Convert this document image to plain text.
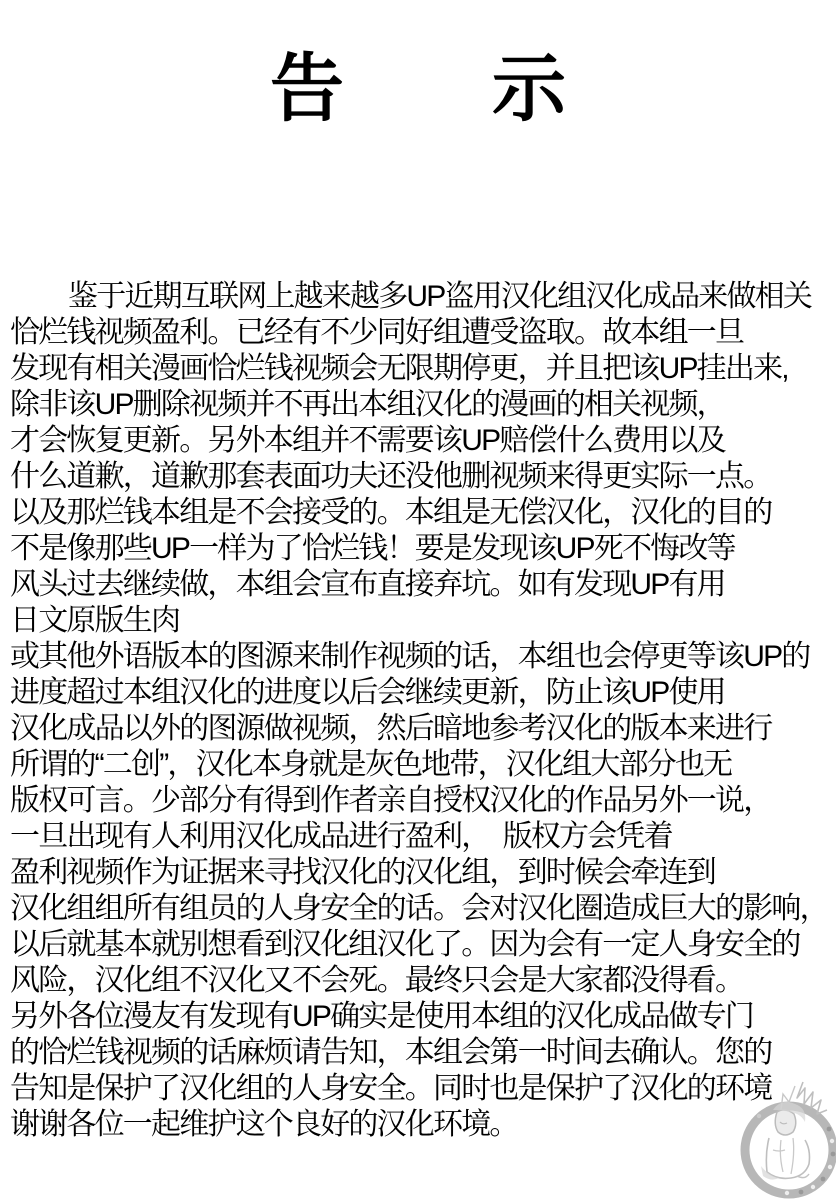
告示
鉴于近期互联网上越来越多UP盗用汉化组汉化成品来做相关
恰烂钱视频盈利。已经有不少同好组遭受盗取。故本组一旦
发现有相关漫画恰烂钱视频会无限期停更，并且把该UP挂出来,
除非该UP删除视频并不再出本组汉化的漫画的相关视频，
才会恢复更新。另外本组并不需要该UP赔偿什么费用以及
什么道歉，道歉那套表面功夫还没他删视频来得更实际一点。
以及那烂钱本组是不会接受的。本组是无偿汉化，汉化的目的
不是像那些UP一样为了恰烂钱！要是发现该UP死不悔改等
风头过去继续做，本组会宣布直接弃坑。如有发现UP有用
日文原版生肉
或其他外语版本的图源来制作视频的话，本组也会停更等该UP的
进度超过本组汉化的进度以后会继续更新，防止该UP使用
汉化成品以外的图源做视频，然后暗地参考汉化的版本来进行
所谓的“二创”，汉化本身就是灰色地带，汉化组大部分也无
版权可言。少部分有得到作者亲自授权汉化的作品另外一说，
一旦出现有人利用汉化成品进行盈利，　版权方会凭着
盈利视频作为证据来寻找汉化的汉化组，到时候会牵连到
汉化组组所有组员的人身安全的话。会对汉化圈造成巨大的影响，
以后就基本就别想看到汉化组汉化了。因为会有一定人身安全的
风险，汉化组不汉化又不会死。最终只会是大家都没得看。
另外各位漫友有发现有UP确实是使用本组的汉化成品做专门
的恰烂钱视频的话麻烦请告知，本组会第一时间去确认。您的
告知是保护了汉化组的人身安全。同时也是保护了汉化的环境
谢谢各位一起维护这个良好的汉化环境。
